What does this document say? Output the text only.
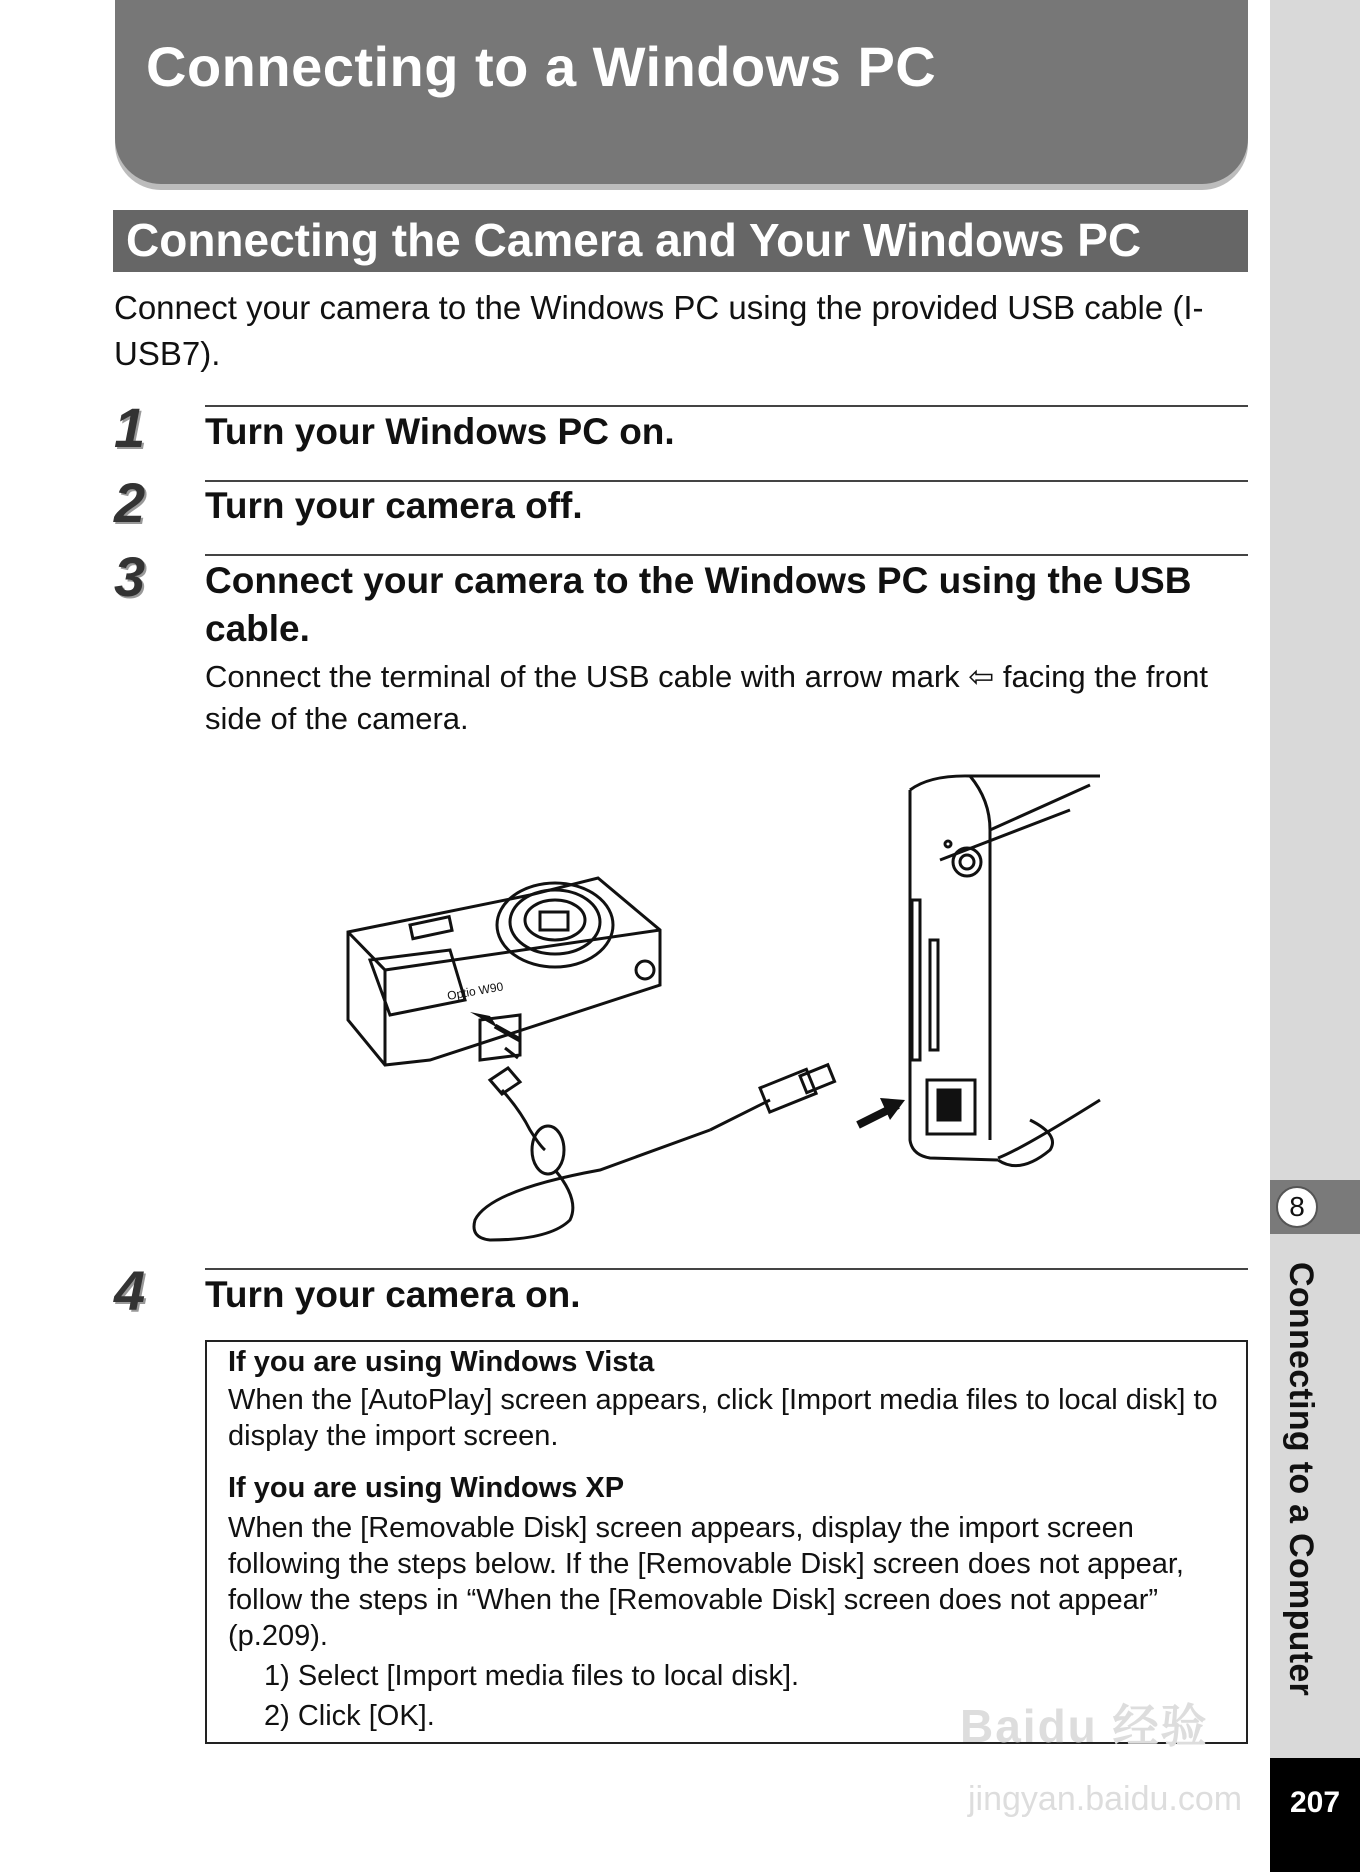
Connecting to a Windows PC
Connecting the Camera and Your Windows PC
Connect your camera to the Windows PC using the provided USB cable (I-USB7).
1 Turn your Windows PC on.
2 Turn your camera off.
3 Connect your camera to the Windows PC using the USB cable.
Connect the terminal of the USB cable with arrow mark ⇦ facing the front side of the camera.
Optio W90
4 Turn your camera on.
If you are using Windows Vista
When the [AutoPlay] screen appears, click [Import media files to local disk] to display the import screen.
If you are using Windows XP
When the [Removable Disk] screen appears, display the import screen following the steps below. If the [Removable Disk] screen does not appear, follow the steps in “When the [Removable Disk] screen does not appear” (p.209).
1) Select [Import media files to local disk].
2) Click [OK].
8
Connecting to a Computer
207
Baidu 经验
jingyan.baidu.com
